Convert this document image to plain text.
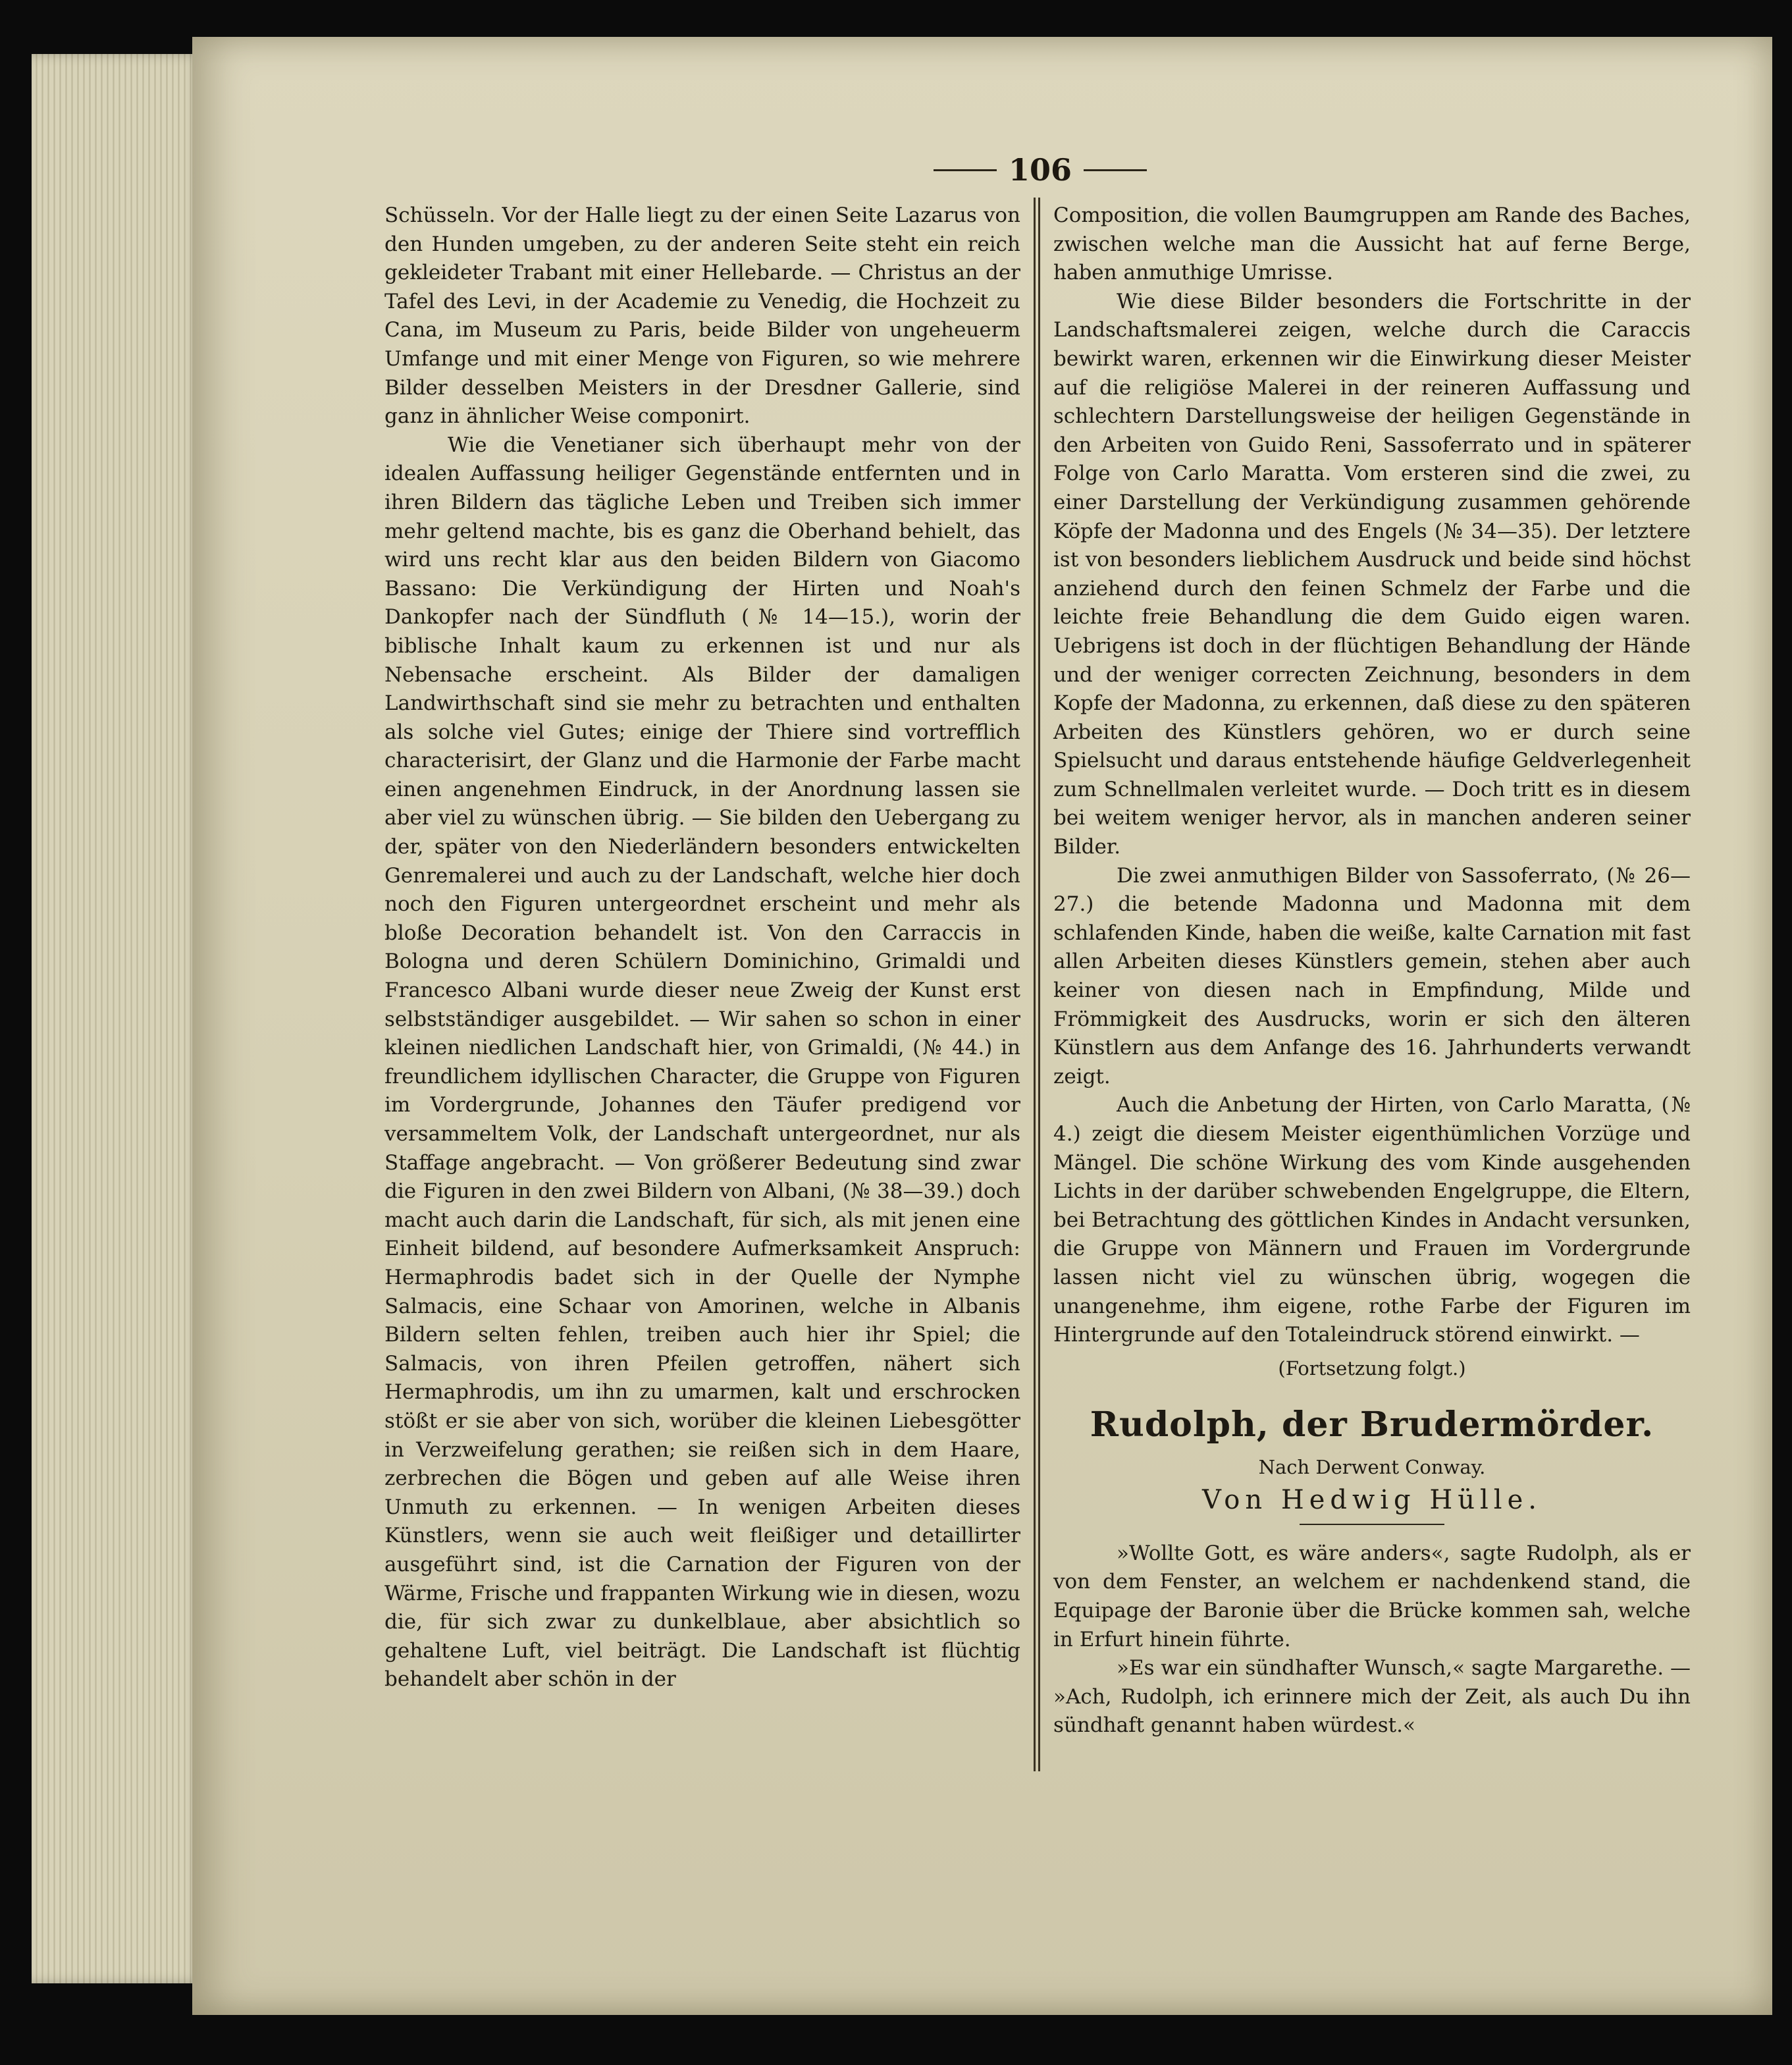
106

Schüsseln. Vor der Halle liegt zu der einen Seite Lazarus von den Hunden umgeben, zu der anderen Seite steht ein reich gekleideter Trabant mit einer Hellebarde. — Christus an der Tafel des Levi, in der Academie zu Venedig, die Hochzeit zu Cana, im Museum zu Paris, beide Bilder von ungeheuerm Umfange und mit einer Menge von Figuren, so wie mehrere Bilder desselben Meisters in der Dresdner Gallerie, sind ganz in ähnlicher Weise componirt.

Wie die Venetianer sich überhaupt mehr von der idealen Auffassung heiliger Gegenstände entfernten und in ihren Bildern das tägliche Leben und Treiben sich immer mehr geltend machte, bis es ganz die Oberhand behielt, das wird uns recht klar aus den beiden Bildern von Giacomo Bassano: Die Verkündigung der Hirten und Noah's Dankopfer nach der Sündfluth (№ 14—15.), worin der biblische Inhalt kaum zu erkennen ist und nur als Nebensache erscheint. Als Bilder der damaligen Landwirthschaft sind sie mehr zu betrachten und enthalten als solche viel Gutes; einige der Thiere sind vortrefflich characterisirt, der Glanz und die Harmonie der Farbe macht einen angenehmen Eindruck, in der Anordnung lassen sie aber viel zu wünschen übrig. — Sie bilden den Uebergang zu der, später von den Niederländern besonders entwickelten Genremalerei und auch zu der Landschaft, welche hier doch noch den Figuren untergeordnet erscheint und mehr als bloße Decoration behandelt ist. Von den Carraccis in Bologna und deren Schülern Dominichino, Grimaldi und Francesco Albani wurde dieser neue Zweig der Kunst erst selbstständiger ausgebildet. — Wir sahen so schon in einer kleinen niedlichen Landschaft hier, von Grimaldi, (№ 44.) in freundlichem idyllischen Character, die Gruppe von Figuren im Vordergrunde, Johannes den Täufer predigend vor versammeltem Volk, der Landschaft untergeordnet, nur als Staffage angebracht. — Von größerer Bedeutung sind zwar die Figuren in den zwei Bildern von Albani, (№ 38—39.) doch macht auch darin die Landschaft, für sich, als mit jenen eine Einheit bildend, auf besondere Aufmerksamkeit Anspruch: Hermaphrodis badet sich in der Quelle der Nymphe Salmacis, eine Schaar von Amorinen, welche in Albanis Bildern selten fehlen, treiben auch hier ihr Spiel; die Salmacis, von ihren Pfeilen getroffen, nähert sich Hermaphrodis, um ihn zu umarmen, kalt und erschrocken stößt er sie aber von sich, worüber die kleinen Liebesgötter in Verzweifelung gerathen; sie reißen sich in dem Haare, zerbrechen die Bögen und geben auf alle Weise ihren Unmuth zu erkennen. — In wenigen Arbeiten dieses Künstlers, wenn sie auch weit fleißiger und detaillirter ausgeführt sind, ist die Carnation der Figuren von der Wärme, Frische und frappanten Wirkung wie in diesen, wozu die, für sich zwar zu dunkelblaue, aber absichtlich so gehaltene Luft, viel beiträgt. Die Landschaft ist flüchtig behandelt aber schön in der

Composition, die vollen Baumgruppen am Rande des Baches, zwischen welche man die Aussicht hat auf ferne Berge, haben anmuthige Umrisse.

Wie diese Bilder besonders die Fortschritte in der Landschaftsmalerei zeigen, welche durch die Caraccis bewirkt waren, erkennen wir die Einwirkung dieser Meister auf die religiöse Malerei in der reineren Auffassung und schlechtern Darstellungsweise der heiligen Gegenstände in den Arbeiten von Guido Reni, Sassoferrato und in späterer Folge von Carlo Maratta. Vom ersteren sind die zwei, zu einer Darstellung der Verkündigung zusammen gehörende Köpfe der Madonna und des Engels (№ 34—35). Der letztere ist von besonders lieblichem Ausdruck und beide sind höchst anziehend durch den feinen Schmelz der Farbe und die leichte freie Behandlung die dem Guido eigen waren. Uebrigens ist doch in der flüchtigen Behandlung der Hände und der weniger correcten Zeichnung, besonders in dem Kopfe der Madonna, zu erkennen, daß diese zu den späteren Arbeiten des Künstlers gehören, wo er durch seine Spielsucht und daraus entstehende häufige Geldverlegenheit zum Schnellmalen verleitet wurde. — Doch tritt es in diesem bei weitem weniger hervor, als in manchen anderen seiner Bilder.

Die zwei anmuthigen Bilder von Sassoferrato, (№ 26—27.) die betende Madonna und Madonna mit dem schlafenden Kinde, haben die weiße, kalte Carnation mit fast allen Arbeiten dieses Künstlers gemein, stehen aber auch keiner von diesen nach in Empfindung, Milde und Frömmigkeit des Ausdrucks, worin er sich den älteren Künstlern aus dem Anfange des 16. Jahrhunderts verwandt zeigt.

Auch die Anbetung der Hirten, von Carlo Maratta, (№ 4.) zeigt die diesem Meister eigenthümlichen Vorzüge und Mängel. Die schöne Wirkung des vom Kinde ausgehenden Lichts in der darüber schwebenden Engelgruppe, die Eltern, bei Betrachtung des göttlichen Kindes in Andacht versunken, die Gruppe von Männern und Frauen im Vordergrunde lassen nicht viel zu wünschen übrig, wogegen die unangenehme, ihm eigene, rothe Farbe der Figuren im Hintergrunde auf den Totaleindruck störend einwirkt. —

(Fortsetzung folgt.)
Rudolph, der Brudermörder.
Nach Derwent Conway.
Von Hedwig Hülle.

»Wollte Gott, es wäre anders«, sagte Rudolph, als er von dem Fenster, an welchem er nachdenkend stand, die Equipage der Baronie über die Brücke kommen sah, welche in Erfurt hinein führte.

»Es war ein sündhafter Wunsch,« sagte Margarethe. — »Ach, Rudolph, ich erinnere mich der Zeit, als auch Du ihn sündhaft genannt haben würdest.«
